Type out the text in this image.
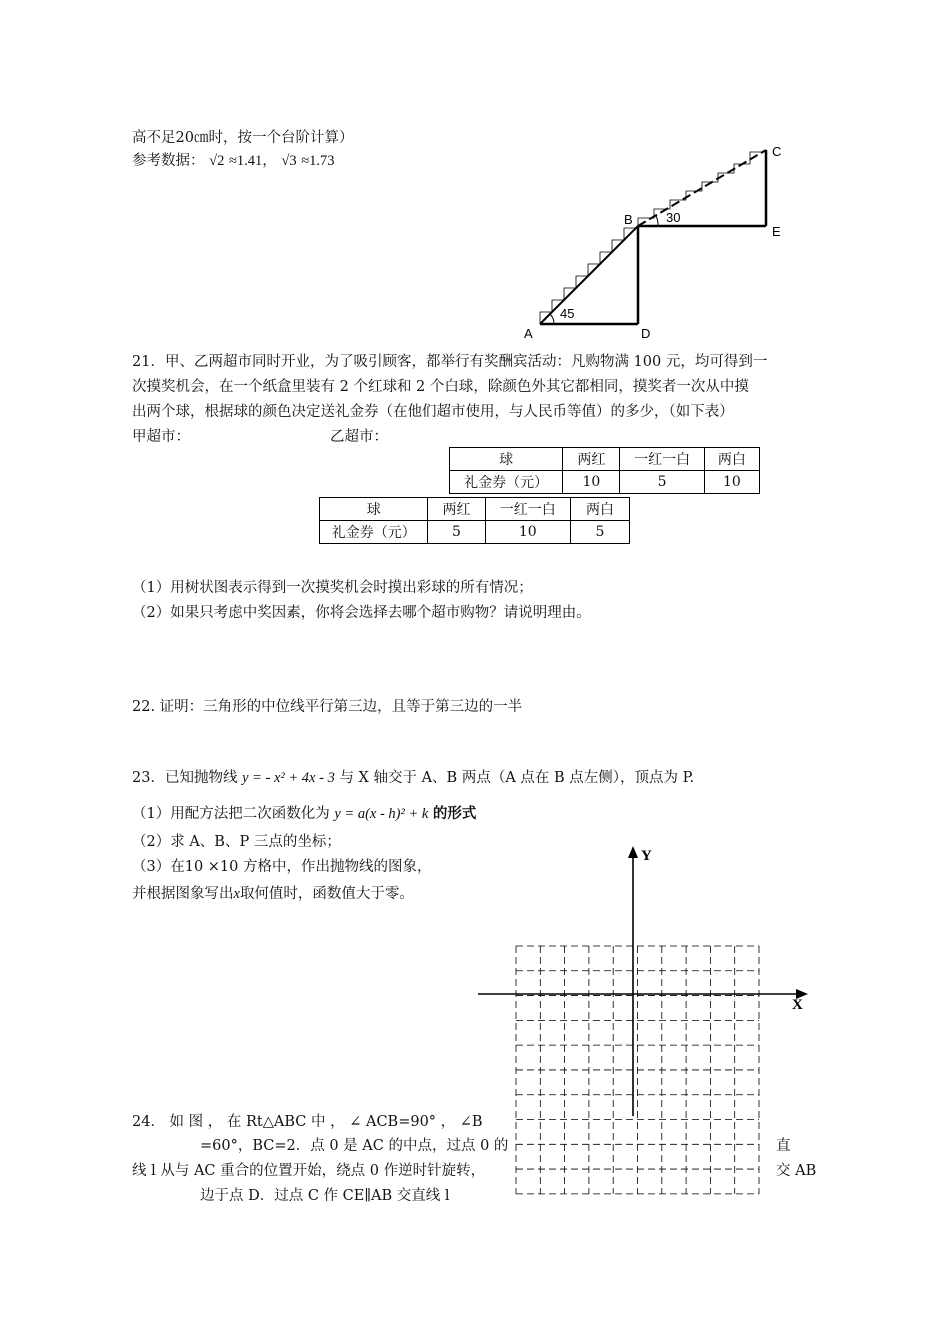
高不足20㎝时，按一个台阶计算）
参考数据： √2 ≈1.41， √3 ≈1.73
A
B
C
D
E
45
30
21．甲、乙两超市同时开业，为了吸引顾客，都举行有奖酬宾活动：凡购物满 100 元，均可得到一
次摸奖机会，在一个纸盒里装有 2 个红球和 2 个白球，除颜色外其它都相同，摸奖者一次从中摸
出两个球，根据球的颜色决定送礼金券（在他们超市使用，与人民币等值）的多少，（如下表）
甲超市：	乙超市：
球	两红	一红一白	两白
礼金券（元）	10	5	10
球	两红	一红一白	两白
礼金券（元）	5	10	5
（1）用树状图表示得到一次摸奖机会时摸出彩球的所有情况；
（2）如果只考虑中奖因素，你将会选择去哪个超市购物？请说明理由。
22. 证明：三角形的中位线平行第三边，且等于第三边的一半
23．已知抛物线 y = - x² + 4x - 3 与 X 轴交于 A、B 两点（A 点在 B 点左侧），顶点为 P.
（1）用配方法把二次函数化为 y = a(x - h)² + k 的形式
（2）求 A、B、P 三点的坐标；
（3）在10 ×10 方格中，作出抛物线的图象，
并根据图象写出x取何值时，函数值大于零。
Y
X
24． 如 图 ， 在 Rt△ABC 中 ， ∠ ACB=90° ， ∠B
=60°，BC=2．点 0 是 AC 的中点，过点 0 的	直
线 l 从与 AC 重合的位置开始，绕点 0 作逆时针旋转，	交 AB
边于点 D．过点 C 作 CE∥AB 交直线 l
